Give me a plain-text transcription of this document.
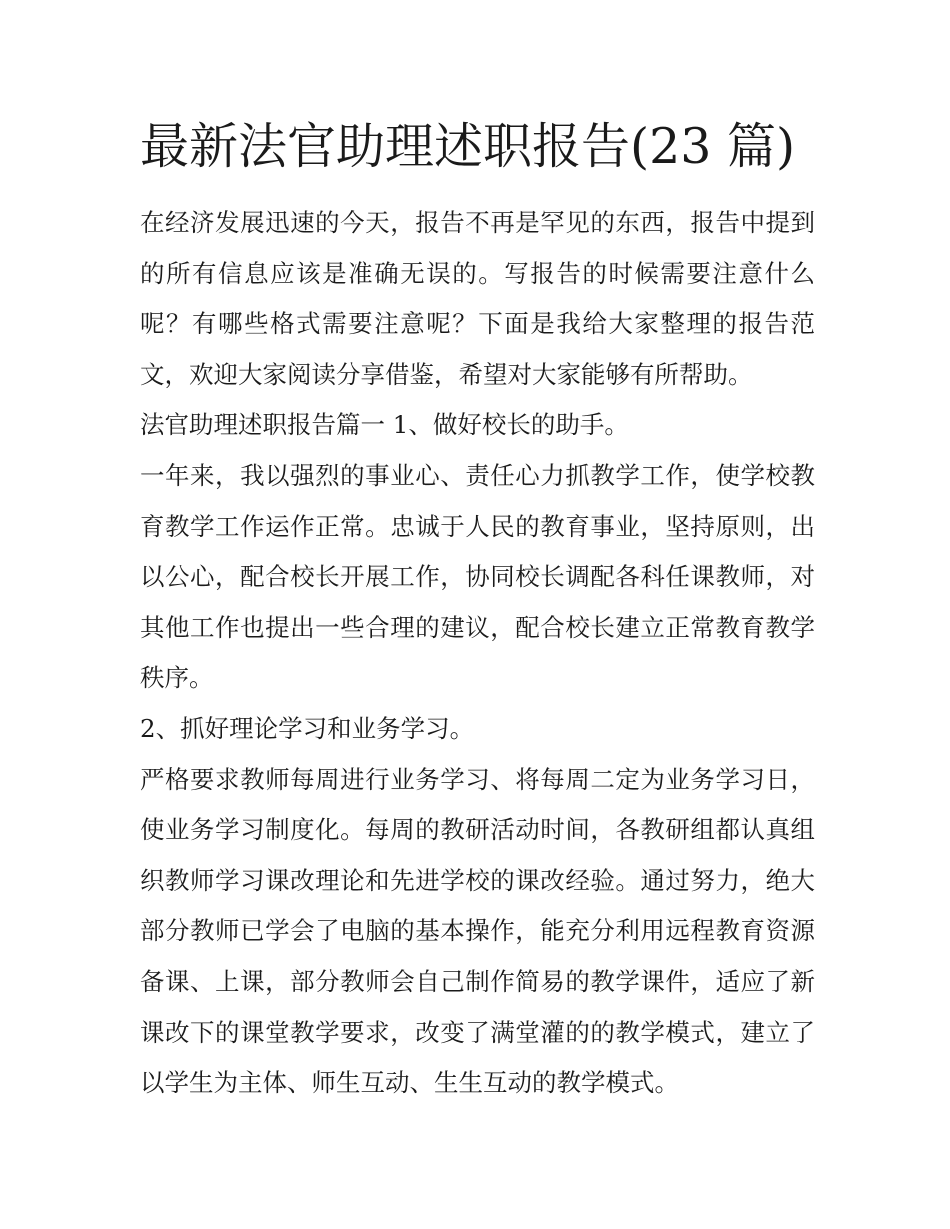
最新法官助理述职报告(23 篇)

在经济发展迅速的今天，报告不再是罕见的东西，报告中提到的所有信息应该是准确无误的。写报告的时候需要注意什么呢？有哪些格式需要注意呢？下面是我给大家整理的报告范文，欢迎大家阅读分享借鉴，希望对大家能够有所帮助。

法官助理述职报告篇一 1、做好校长的助手。

一年来，我以强烈的事业心、责任心力抓教学工作，使学校教育教学工作运作正常。忠诚于人民的教育事业，坚持原则，出以公心，配合校长开展工作，协同校长调配各科任课教师，对其他工作也提出一些合理的建议，配合校长建立正常教育教学秩序。

2、抓好理论学习和业务学习。

严格要求教师每周进行业务学习、将每周二定为业务学习日，使业务学习制度化。每周的教研活动时间，各教研组都认真组织教师学习课改理论和先进学校的课改经验。通过努力，绝大部分教师已学会了电脑的基本操作，能充分利用远程教育资源备课、上课，部分教师会自己制作简易的教学课件，适应了新课改下的课堂教学要求，改变了满堂灌的的教学模式，建立了以学生为主体、师生互动、生生互动的教学模式。
